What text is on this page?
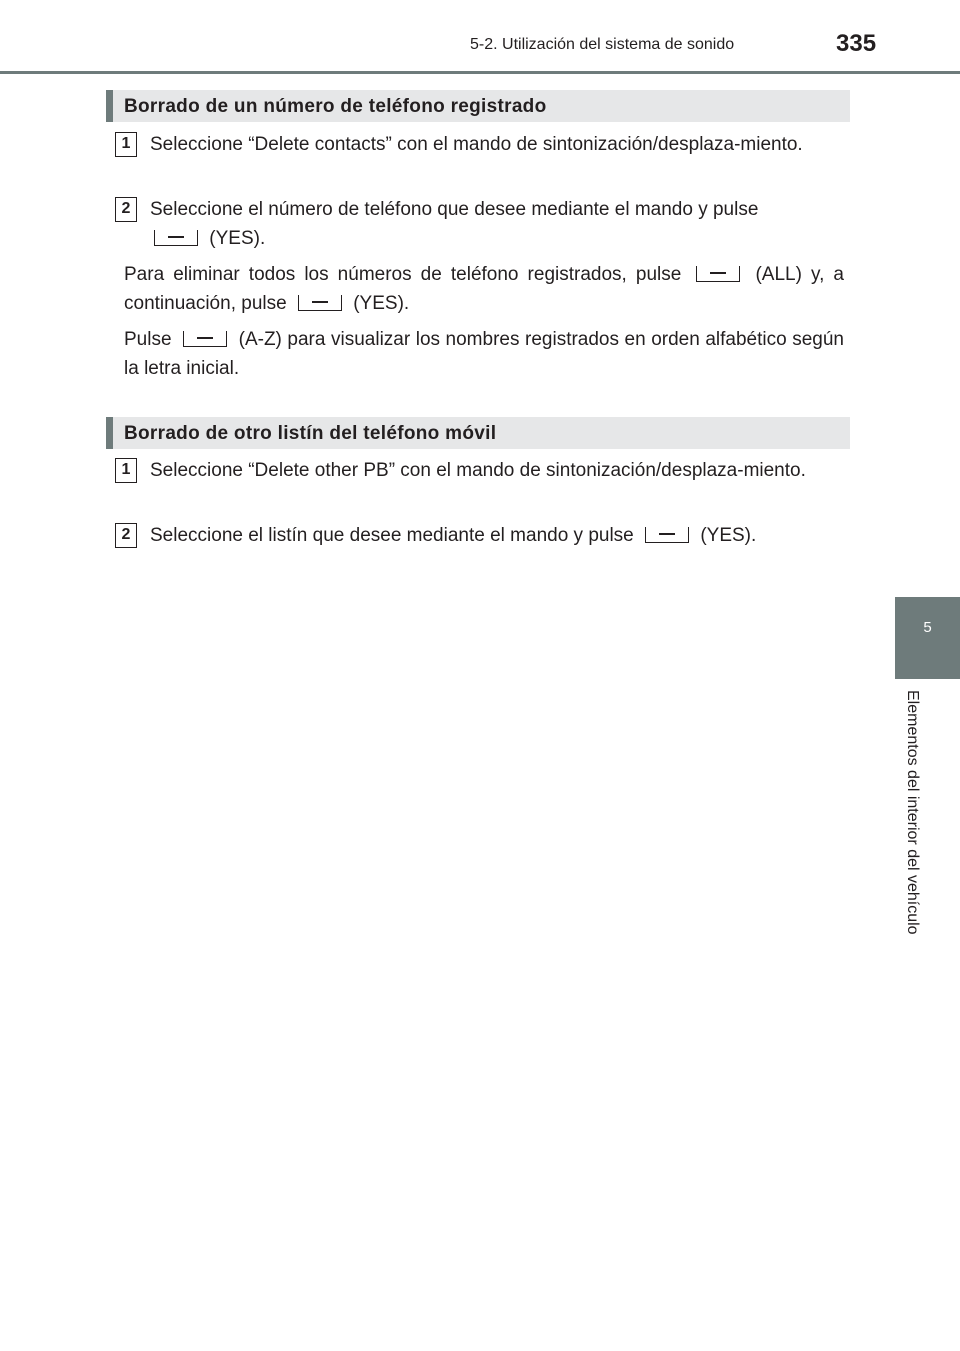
5-2. Utilización del sistema de sonido	335
5
Elementos del interior del vehículo
Borrado de un número de teléfono registrado
1	Seleccione “Delete contacts” con el mando de sintonización/desplaza-miento.
2	Seleccione el número de teléfono que desee mediante el mando y pulse
(YES).
Para eliminar todos los números de teléfono registrados, pulse	(ALL) y, a continuación, pulse	(YES).
Pulse	(A-Z) para visualizar los nombres registrados en orden alfabético según la letra inicial.
Borrado de otro listín del teléfono móvil
1	Seleccione “Delete other PB” con el mando de sintonización/desplaza-miento.
2	Seleccione el listín que desee mediante el mando y pulse	(YES).
